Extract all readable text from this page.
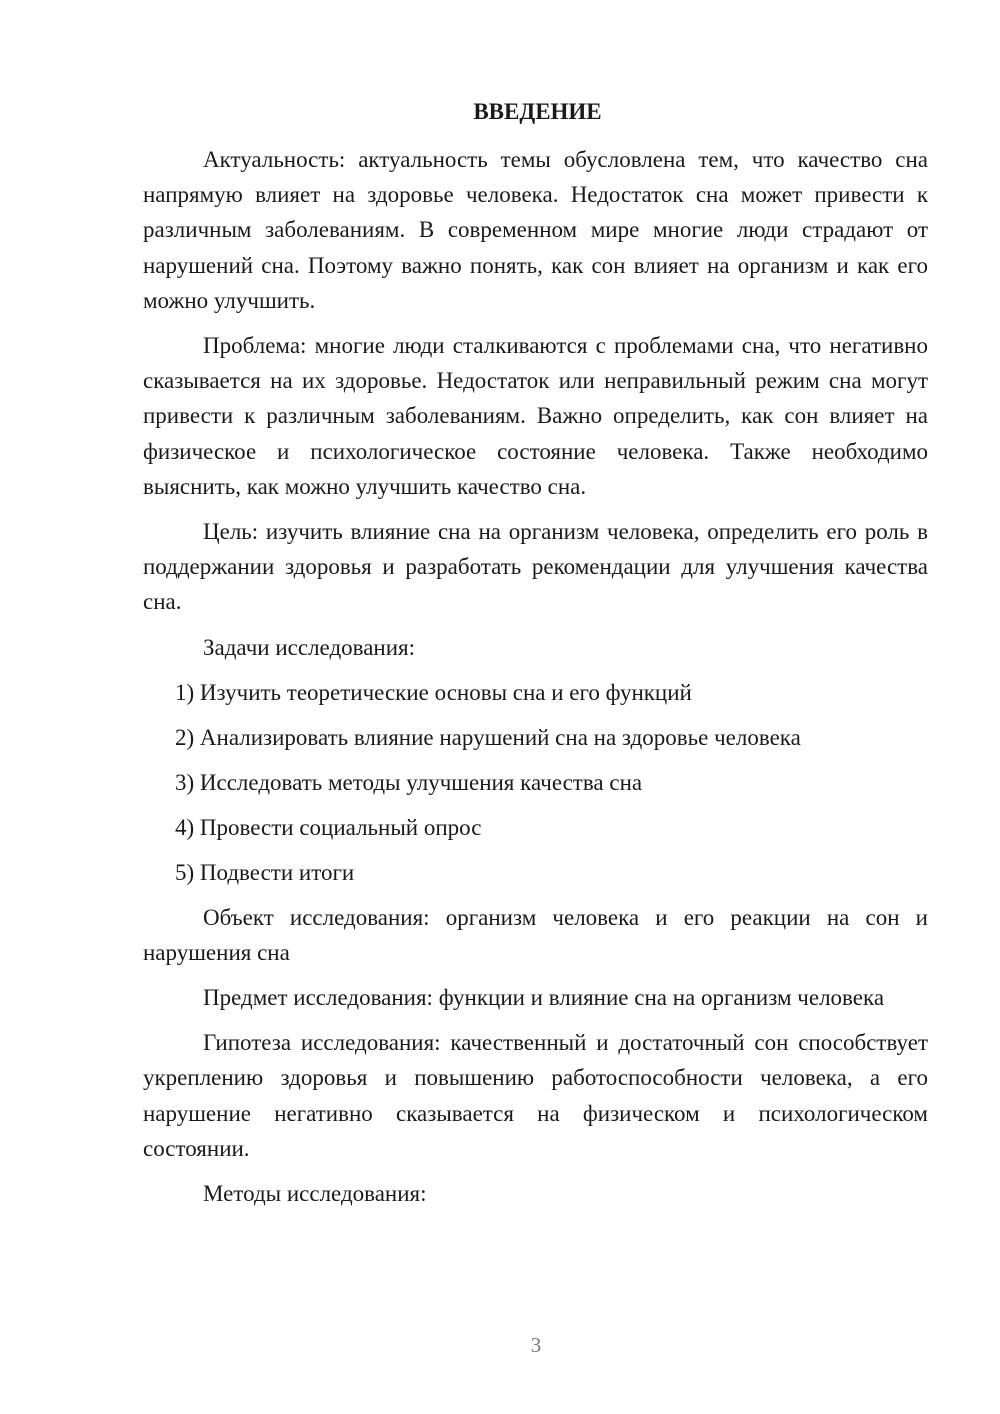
ВВЕДЕНИЕ

Актуальность: актуальность темы обусловлена тем, что качество сна напрямую влияет на здоровье человека. Недостаток сна может привести к различным заболеваниям. В современном мире многие люди страдают от нарушений сна. Поэтому важно понять, как сон влияет на организм и как его можно улучшить.

Проблема: многие люди сталкиваются с проблемами сна, что негативно сказывается на их здоровье. Недостаток или неправильный режим сна могут привести к различным заболеваниям. Важно определить, как сон влияет на физическое и психологическое состояние человека. Также необходимо выяснить, как можно улучшить качество сна.

Цель: изучить влияние сна на организм человека, определить его роль в поддержании здоровья и разработать рекомендации для улучшения качества сна.

Задачи исследования:

1) Изучить теоретические основы сна и его функций

2) Анализировать влияние нарушений сна на здоровье человека

3) Исследовать методы улучшения качества сна

4) Провести социальный опрос

5) Подвести итоги

Объект исследования: организм человека и его реакции на сон и нарушения сна

Предмет исследования: функции и влияние сна на организм человека

Гипотеза исследования: качественный и достаточный сон способствует укреплению здоровья и повышению работоспособности человека, а его нарушение негативно сказывается на физическом и психологическом состоянии.

Методы исследования:

3
